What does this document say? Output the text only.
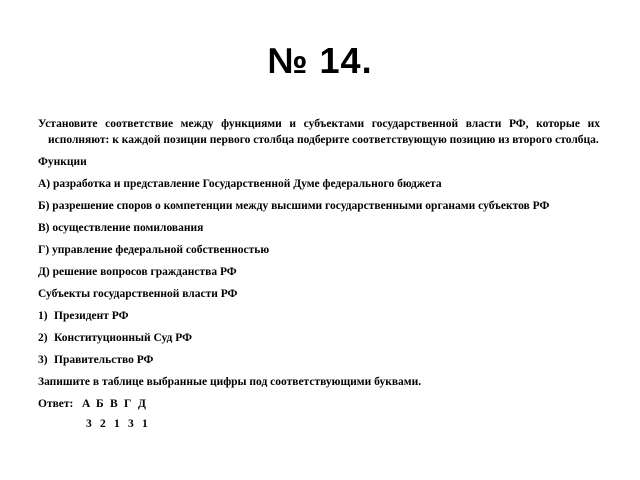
№ 14.

Установите соответствие между функциями и субъектами государственной власти РФ, которые их исполняют: к каждой позиции первого столбца подберите соответствующую позицию из второго столбца.

Функции

А) разработка и представление Государственной Думе федерального бюджета

Б) разрешение споров о компетенции между высшими государственными органами субъектов РФ

В) осуществление помилования

Г) управление федеральной собственностью

Д) решение вопросов гражданства РФ

Субъекты государственной власти РФ

1) Президент РФ
2) Конституционный Суд РФ
3) Правительство РФ

Запишите в таблице выбранные цифры под соответствующими буквами.

Ответ: А Б В Г Д
3 2 1 3 1
